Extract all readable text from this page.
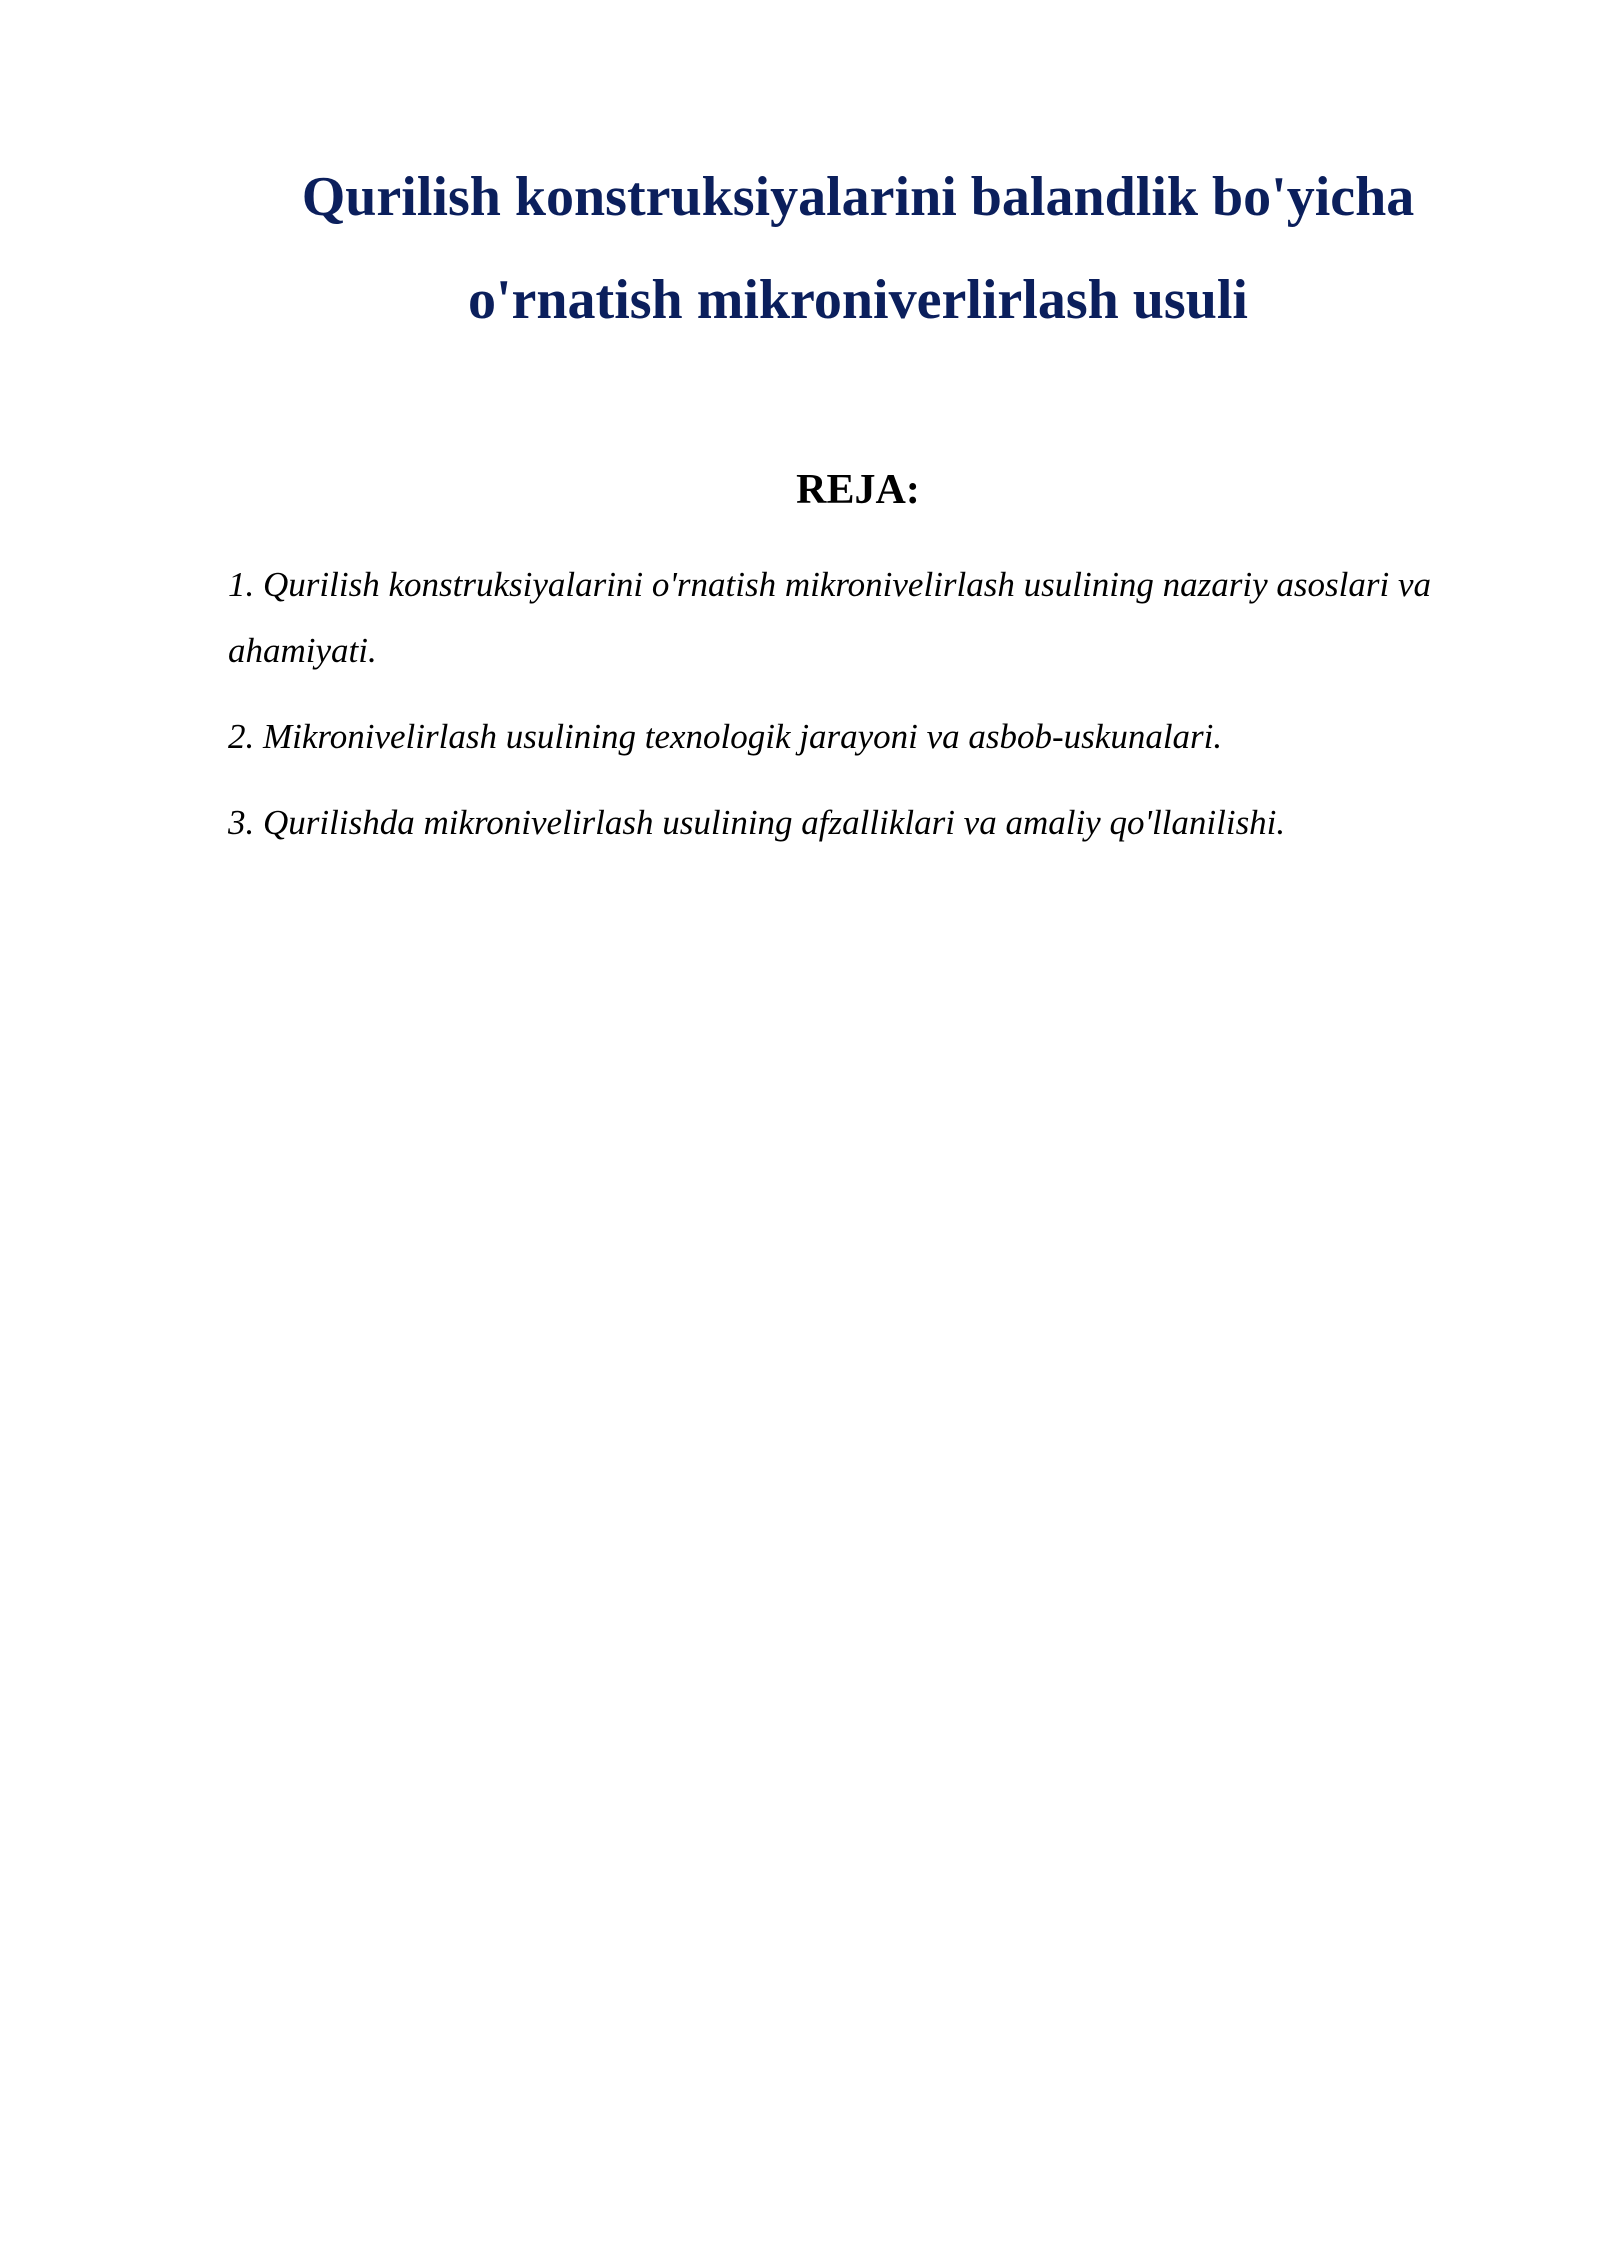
Qurilish konstruksiyalarini balandlik bo'yicha
o'rnatish mikroniverlirlash usuli
REJA:
1. Qurilish konstruksiyalarini o'rnatish mikronivelirlash usulining nazariy asoslari va ahamiyati.
2. Mikronivelirlash usulining texnologik jarayoni va asbob-uskunalari.
3. Qurilishda mikronivelirlash usulining afzalliklari va amaliy qo'llanilishi.
